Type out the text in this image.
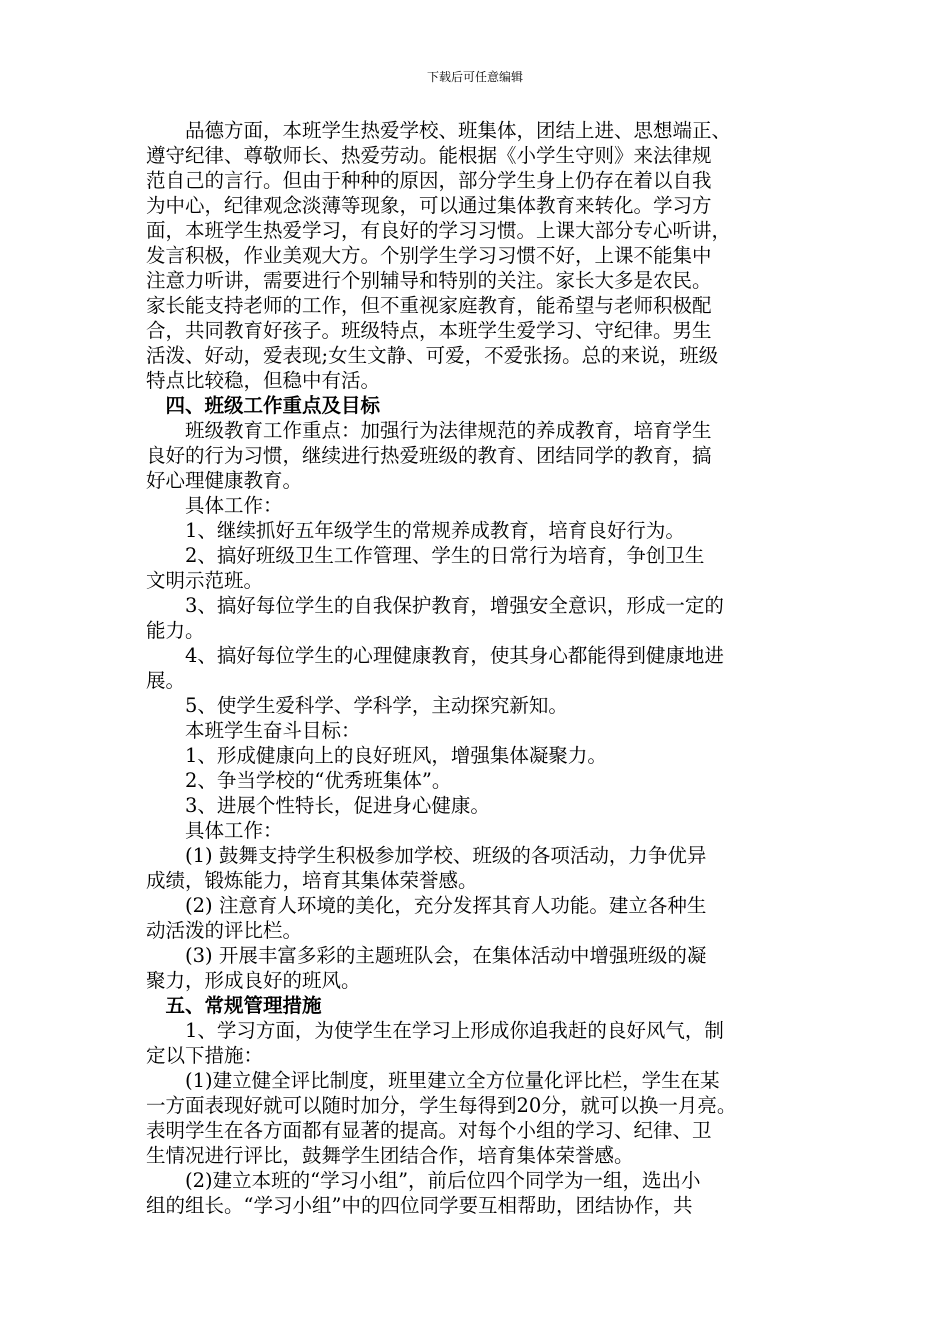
下载后可任意编辑
品德方面，本班学生热爱学校、班集体，团结上进、思想端正、
遵守纪律、尊敬师长、热爱劳动。能根据《小学生守则》来法律规
范自己的言行。但由于种种的原因，部分学生身上仍存在着以自我
为中心，纪律观念淡薄等现象，可以通过集体教育来转化。学习方
面，本班学生热爱学习，有良好的学习习惯。上课大部分专心听讲，
发言积极，作业美观大方。个别学生学习习惯不好，上课不能集中
注意力听讲，需要进行个别辅导和特别的关注。家长大多是农民。
家长能支持老师的工作，但不重视家庭教育，能希望与老师积极配
合，共同教育好孩子。班级特点，本班学生爱学习、守纪律。男生
活泼、好动，爱表现;女生文静、可爱，不爱张扬。总的来说，班级
特点比较稳，但稳中有活。
四、班级工作重点及目标
班级教育工作重点：加强行为法律规范的养成教育，培育学生
良好的行为习惯，继续进行热爱班级的教育、团结同学的教育，搞
好心理健康教育。
具体工作：
1、继续抓好五年级学生的常规养成教育，培育良好行为。
2、搞好班级卫生工作管理、学生的日常行为培育，争创卫生
文明示范班。
3、搞好每位学生的自我保护教育，增强安全意识，形成一定的
能力。
4、搞好每位学生的心理健康教育，使其身心都能得到健康地进
展。
5、使学生爱科学、学科学，主动探究新知。
本班学生奋斗目标：
1、形成健康向上的良好班风，增强集体凝聚力。
2、争当学校的“优秀班集体”。
3、进展个性特长，促进身心健康。
具体工作：
(1) 鼓舞支持学生积极参加学校、班级的各项活动，力争优异
成绩，锻炼能力，培育其集体荣誉感。
(2) 注意育人环境的美化，充分发挥其育人功能。建立各种生
动活泼的评比栏。
(3) 开展丰富多彩的主题班队会，在集体活动中增强班级的凝
聚力，形成良好的班风。
五、常规管理措施
1、学习方面，为使学生在学习上形成你追我赶的良好风气，制
定以下措施：
(1)建立健全评比制度，班里建立全方位量化评比栏，学生在某
一方面表现好就可以随时加分，学生每得到20分，就可以换一月亮。
表明学生在各方面都有显著的提高。对每个小组的学习、纪律、卫
生情况进行评比，鼓舞学生团结合作，培育集体荣誉感。
(2)建立本班的“学习小组”，前后位四个同学为一组，选出小
组的组长。“学习小组”中的四位同学要互相帮助，团结协作，共
